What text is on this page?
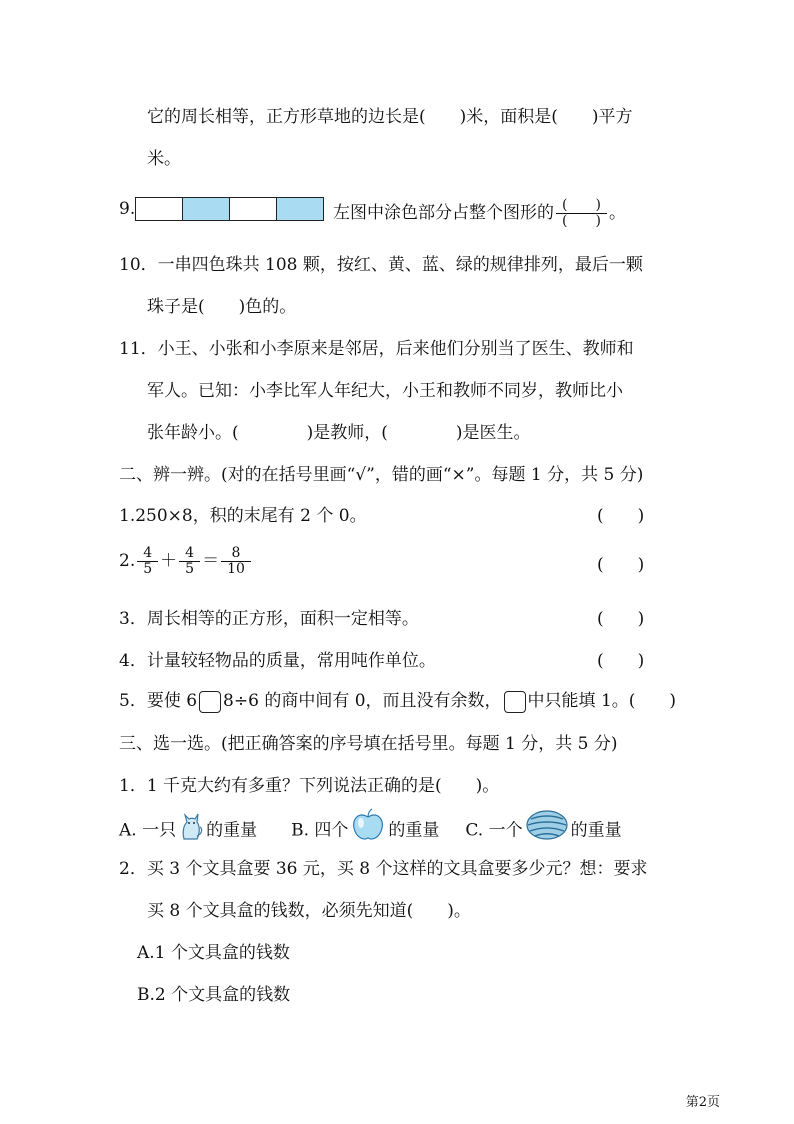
它的周长相等，正方形草地的边长是(　　)米，面积是(　　)平方
米。
9.	左图中涂色部分占整个图形的 $\frac{( )}{( )}$ 。
10．一串四色珠共 108 颗，按红、黄、蓝、绿的规律排列，最后一颗
珠子是(　　)色的。
11．小王、小张和小李原来是邻居，后来他们分别当了医生、教师和
军人。已知：小李比军人年纪大，小王和教师不同岁，教师比小
张年龄小。(　　　　)是教师，(　　　　)是医生。
二、辨一辨。(对的在括号里画“√”，错的画“×”。每题 1 分，共 5 分)
1.250×8，积的末尾有 2 个 0。	(　　)
2. $\frac{4}{5} + \frac{4}{5} = \frac{8}{10}$	(　　)
3．周长相等的正方形，面积一定相等。	(　　)
4．计量较轻物品的质量，常用吨作单位。	(　　)
5．要使 6 8÷6 的商中间有 0，而且没有余数， 中只能填 1。(　　)
三、选一选。(把正确答案的序号填在括号里。每题 1 分，共 5 分)
1．1 千克大约有多重？下列说法正确的是(　　)。
A. 一只 的重量 B. 四个 的重量 C. 一个	的重量
2．买 3 个文具盒要 36 元，买 8 个这样的文具盒要多少元？想：要求
买 8 个文具盒的钱数，必须先知道(　　)。
A.1 个文具盒的钱数
B.2 个文具盒的钱数
第2页
